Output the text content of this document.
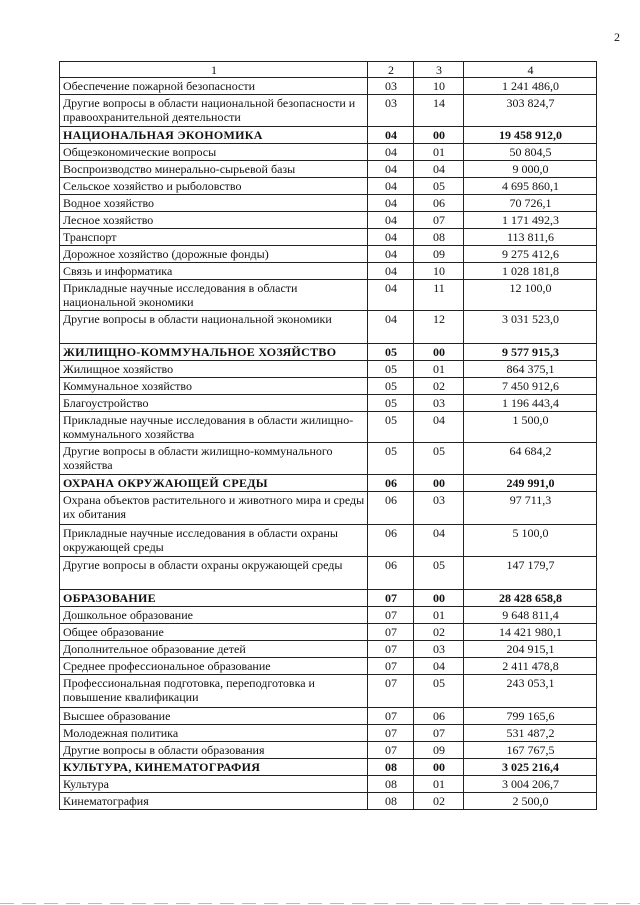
2
1	2	3	4
Обеспечение пожарной безопасности	03	10	1 241 486,0
Другие вопросы в области национальной безопасности и правоохранительной деятельности	03	14	303 824,7
НАЦИОНАЛЬНАЯ ЭКОНОМИКА	04	00	19 458 912,0
Общеэкономические вопросы	04	01	50 804,5
Воспроизводство минерально-сырьевой базы	04	04	9 000,0
Сельское хозяйство и рыболовство	04	05	4 695 860,1
Водное хозяйство	04	06	70 726,1
Лесное хозяйство	04	07	1 171 492,3
Транспорт	04	08	113 811,6
Дорожное хозяйство (дорожные фонды)	04	09	9 275 412,6
Связь и информатика	04	10	1 028 181,8
Прикладные научные исследования в области национальной экономики	04	11	12 100,0
Другие вопросы в области национальной экономики	04	12	3 031 523,0
ЖИЛИЩНО-КОММУНАЛЬНОЕ ХОЗЯЙСТВО	05	00	9 577 915,3
Жилищное хозяйство	05	01	864 375,1
Коммунальное хозяйство	05	02	7 450 912,6
Благоустройство	05	03	1 196 443,4
Прикладные научные исследования в области жилищно- коммунального хозяйства	05	04	1 500,0
Другие вопросы в области жилищно-коммунального хозяйства	05	05	64 684,2
ОХРАНА ОКРУЖАЮЩЕЙ СРЕДЫ	06	00	249 991,0
Охрана объектов растительного и животного мира и среды их обитания	06	03	97 711,3
Прикладные научные исследования в области охраны окружающей среды	06	04	5 100,0
Другие вопросы в области охраны окружающей среды	06	05	147 179,7
ОБРАЗОВАНИЕ	07	00	28 428 658,8
Дошкольное образование	07	01	9 648 811,4
Общее образование	07	02	14 421 980,1
Дополнительное образование детей	07	03	204 915,1
Среднее профессиональное образование	07	04	2 411 478,8
Профессиональная подготовка, переподготовка и повышение квалификации	07	05	243 053,1
Высшее образование	07	06	799 165,6
Молодежная политика	07	07	531 487,2
Другие вопросы в области образования	07	09	167 767,5
КУЛЬТУРА, КИНЕМАТОГРАФИЯ	08	00	3 025 216,4
Культура	08	01	3 004 206,7
Кинематография	08	02	2 500,0
